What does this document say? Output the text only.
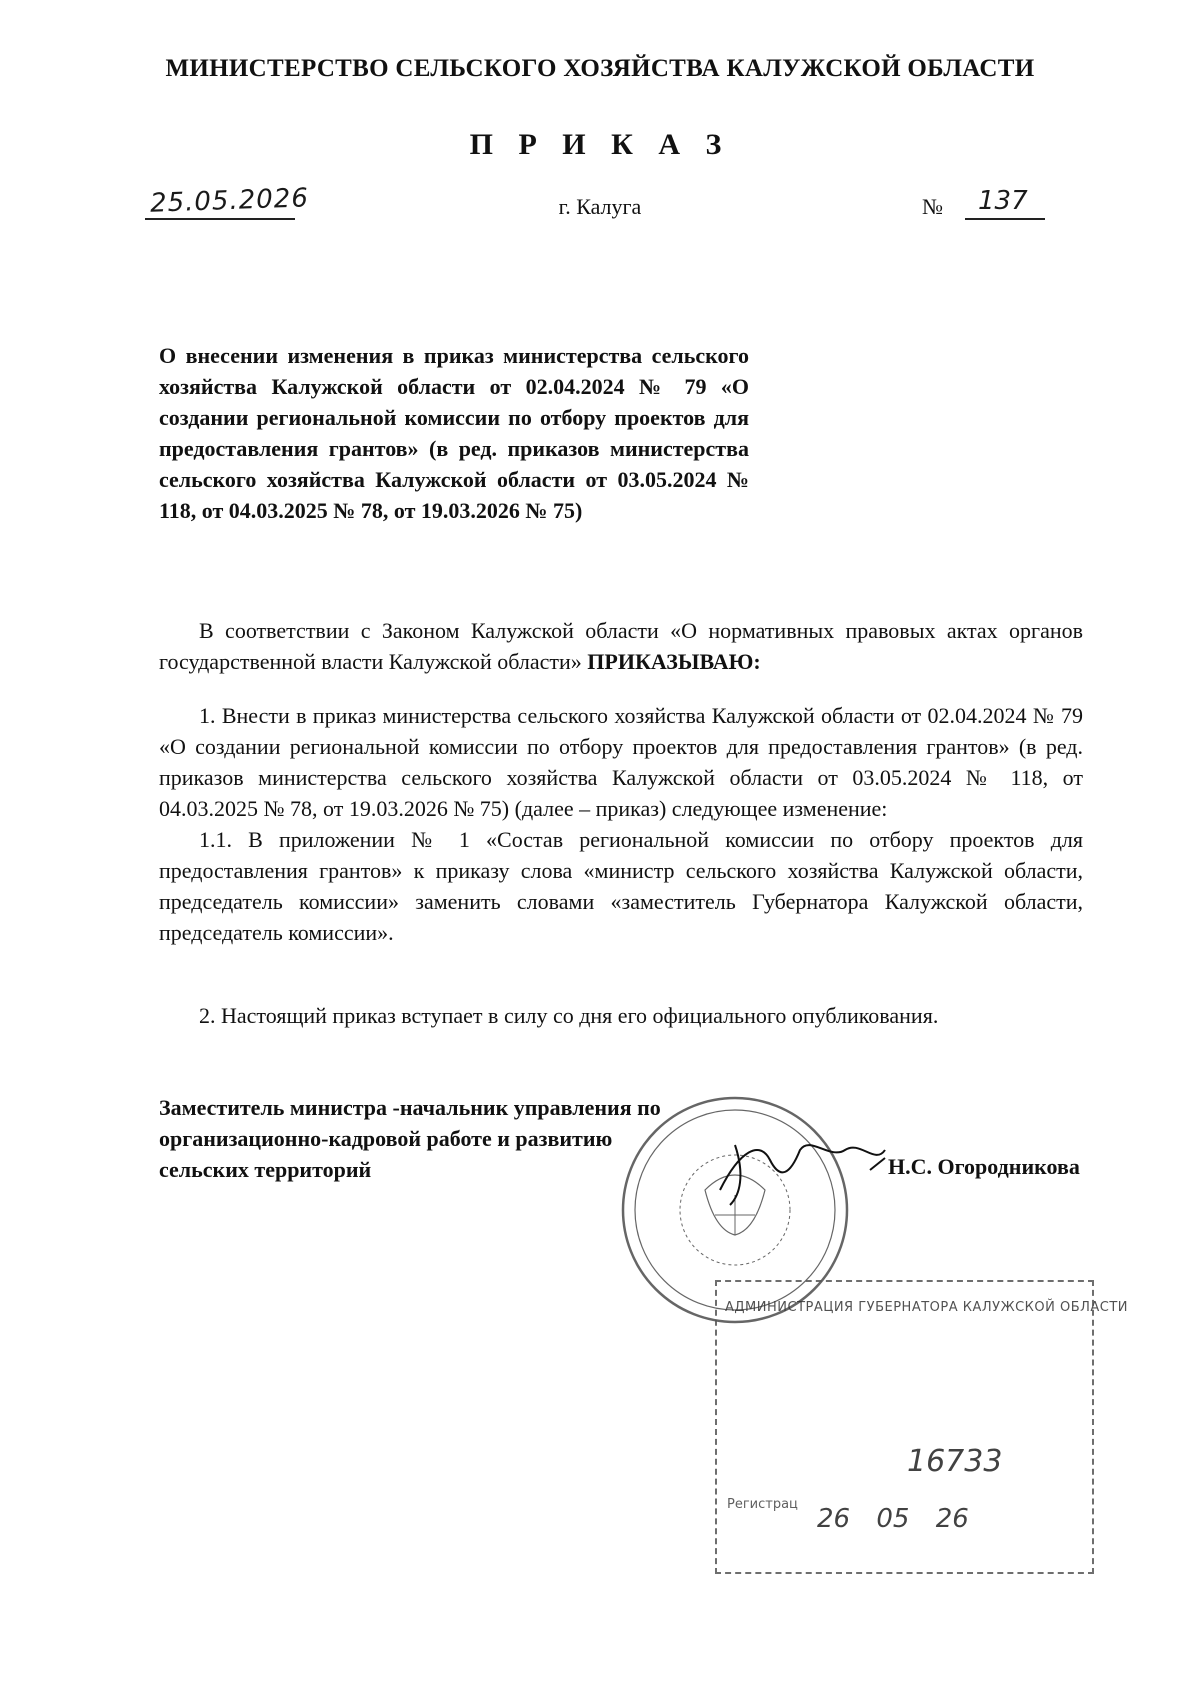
МИНИСТЕРСТВО СЕЛЬСКОГО ХОЗЯЙСТВА КАЛУЖСКОЙ ОБЛАСТИ
П Р И К А З
25.05.2026	г. Калуга	№ 137
О внесении изменения в приказ министерства сельского хозяйства Калужской области от 02.04.2024 № 79 «О создании региональной комиссии по отбору проектов для предоставления грантов» (в ред. приказов министерства сельского хозяйства Калужской области от 03.05.2024 № 118, от 04.03.2025 № 78, от 19.03.2026 № 75)

В соответствии с Законом Калужской области «О нормативных правовых актах органов государственной власти Калужской области» ПРИКАЗЫВАЮ:

1. Внести в приказ министерства сельского хозяйства Калужской области от 02.04.2024 № 79 «О создании региональной комиссии по отбору проектов для предоставления грантов» (в ред. приказов министерства сельского хозяйства Калужской области от 03.05.2024 № 118, от 04.03.2025 № 78, от 19.03.2026 № 75) (далее – приказ) следующее изменение:

1.1. В приложении № 1 «Состав региональной комиссии по отбору проектов для предоставления грантов» к приказу слова «министр сельского хозяйства Калужской области, председатель комиссии» заменить словами «заместитель Губернатора Калужской области, председатель комиссии».

2. Настоящий приказ вступает в силу со дня его официального опубликования.

Заместитель министра -начальник управления по организационно-кадровой работе и развитию сельских территорий	Н.С. Огородникова
АДМИНИСТРАЦИЯ ГУБЕРНАТОРА КАЛУЖСКОЙ ОБЛАСТИ
Регистрац
16733
26 05 26
